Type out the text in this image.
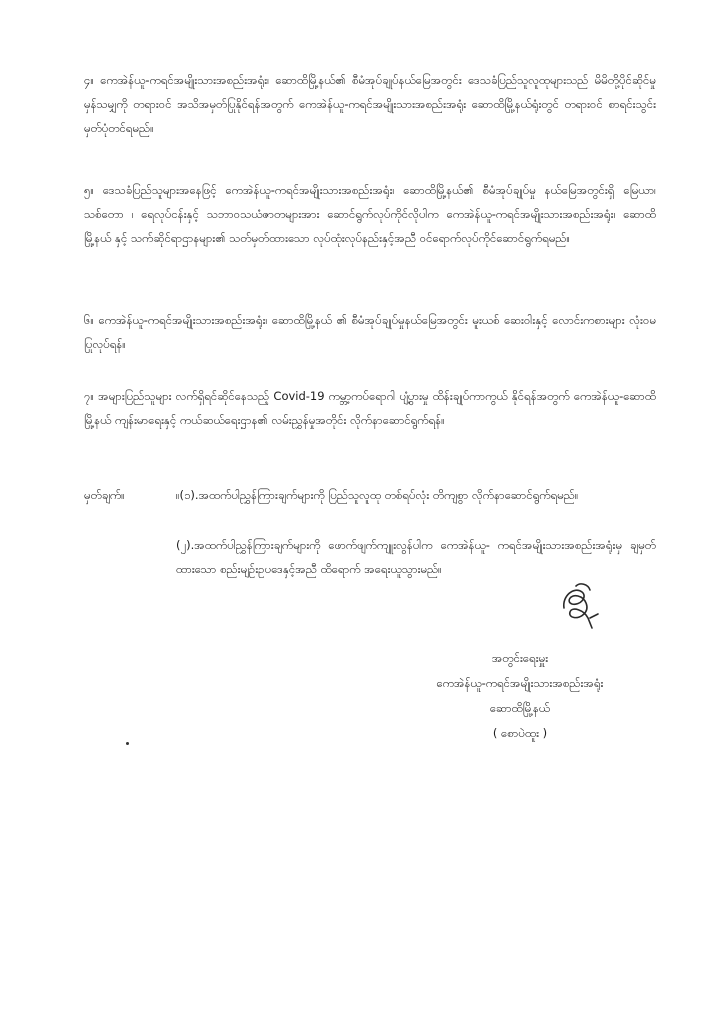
၄။ ကေအဲန်ယူ-ကရင်အမျိုးသားအစည်းအရုံး၊ ဆောထိမြို့နယ်၏ စီမံအုပ်ချုပ်နယ်မြေအတွင်း ဒေသခံပြည်သူလူထုများသည် မိမိတို့ပိုင်ဆိုင်မှု မှန်သမျှကို တရားဝင် အသိအမှတ်ပြုနိုင်ရန်အတွက် ကေအဲန်ယူ-ကရင်အမျိုးသားအစည်းအရုံး ဆောထိမြို့နယ်ရုံးတွင် တရားဝင် စာရင်းသွင်း မှတ်ပုံတင်ရမည်။

၅။ ဒေသခံပြည်သူများအနေဖြင့် ကေအဲန်ယူ-ကရင်အမျိုးသားအစည်းအရုံး၊ ဆောထိမြို့နယ်၏ စီမံအုပ်ချုပ်မှု နယ်မြေအတွင်းရှိ မြေယာ၊ သစ်တော ၊ ရေလုပ်ငန်းနှင့် သဘာဝသယံဇာတများအား ဆောင်ရွက်လုပ်ကိုင်လိုပါက ကေအဲန်ယူ-ကရင်အမျိုးသားအစည်းအရုံး၊ ဆောထိမြို့နယ် နှင့် သက်ဆိုင်ရာဌာနများ၏ သတ်မှတ်ထားသော လုပ်ထုံးလုပ်နည်းနှင့်အညီ ဝင်ရောက်လုပ်ကိုင်ဆောင်ရွက်ရမည်။

၆။ ကေအဲန်ယူ-ကရင်အမျိုးသားအစည်းအရုံး၊ ဆောထိမြို့နယ် ၏ စီမံအုပ်ချုပ်မှုနယ်မြေအတွင်း မူးယစ် ဆေးဝါးနှင့် လောင်းကစားများ လုံးဝမပြုလုပ်ရန်။

၇။ အများပြည်သူများ လက်ရှိရင်ဆိုင်နေသည့် Covid-19 ကမ္ဘာ့ကပ်ရောဂါ ပျံ့ပွားမှု ထိန်းချုပ်ကာကွယ် နိုင်ရန်အတွက် ကေအဲန်ယူ-ဆောထိမြို့နယ် ကျန်းမာရေးနှင့် ကယ်ဆယ်ရေးဌာန၏ လမ်းညွှန်မှုအတိုင်း လိုက်နာဆောင်ရွက်ရန်။

မှတ်ချက်။	။(၁).အထက်ပါညွှန်ကြားချက်များကို ပြည်သူလူထု တစ်ရပ်လုံး တိကျစွာ လိုက်နာဆောင်ရွက်ရမည်။
(၂).အထက်ပါညွှန်ကြားချက်များကို ဖောက်ဖျက်ကျူးလွန်ပါက ကေအဲန်ယူ- ကရင်အမျိုးသားအစည်းအရုံးမှ ချမှတ်ထားသော စည်းမျဉ်းဥပဒေနှင့်အညီ ထိရောက် အရေးယူသွားမည်။
အတွင်းရေးမှူး
ကေအဲန်ယူ-ကရင်အမျိုးသားအစည်းအရုံး
ဆောထိမြို့နယ်
( စောပဲထူး )
